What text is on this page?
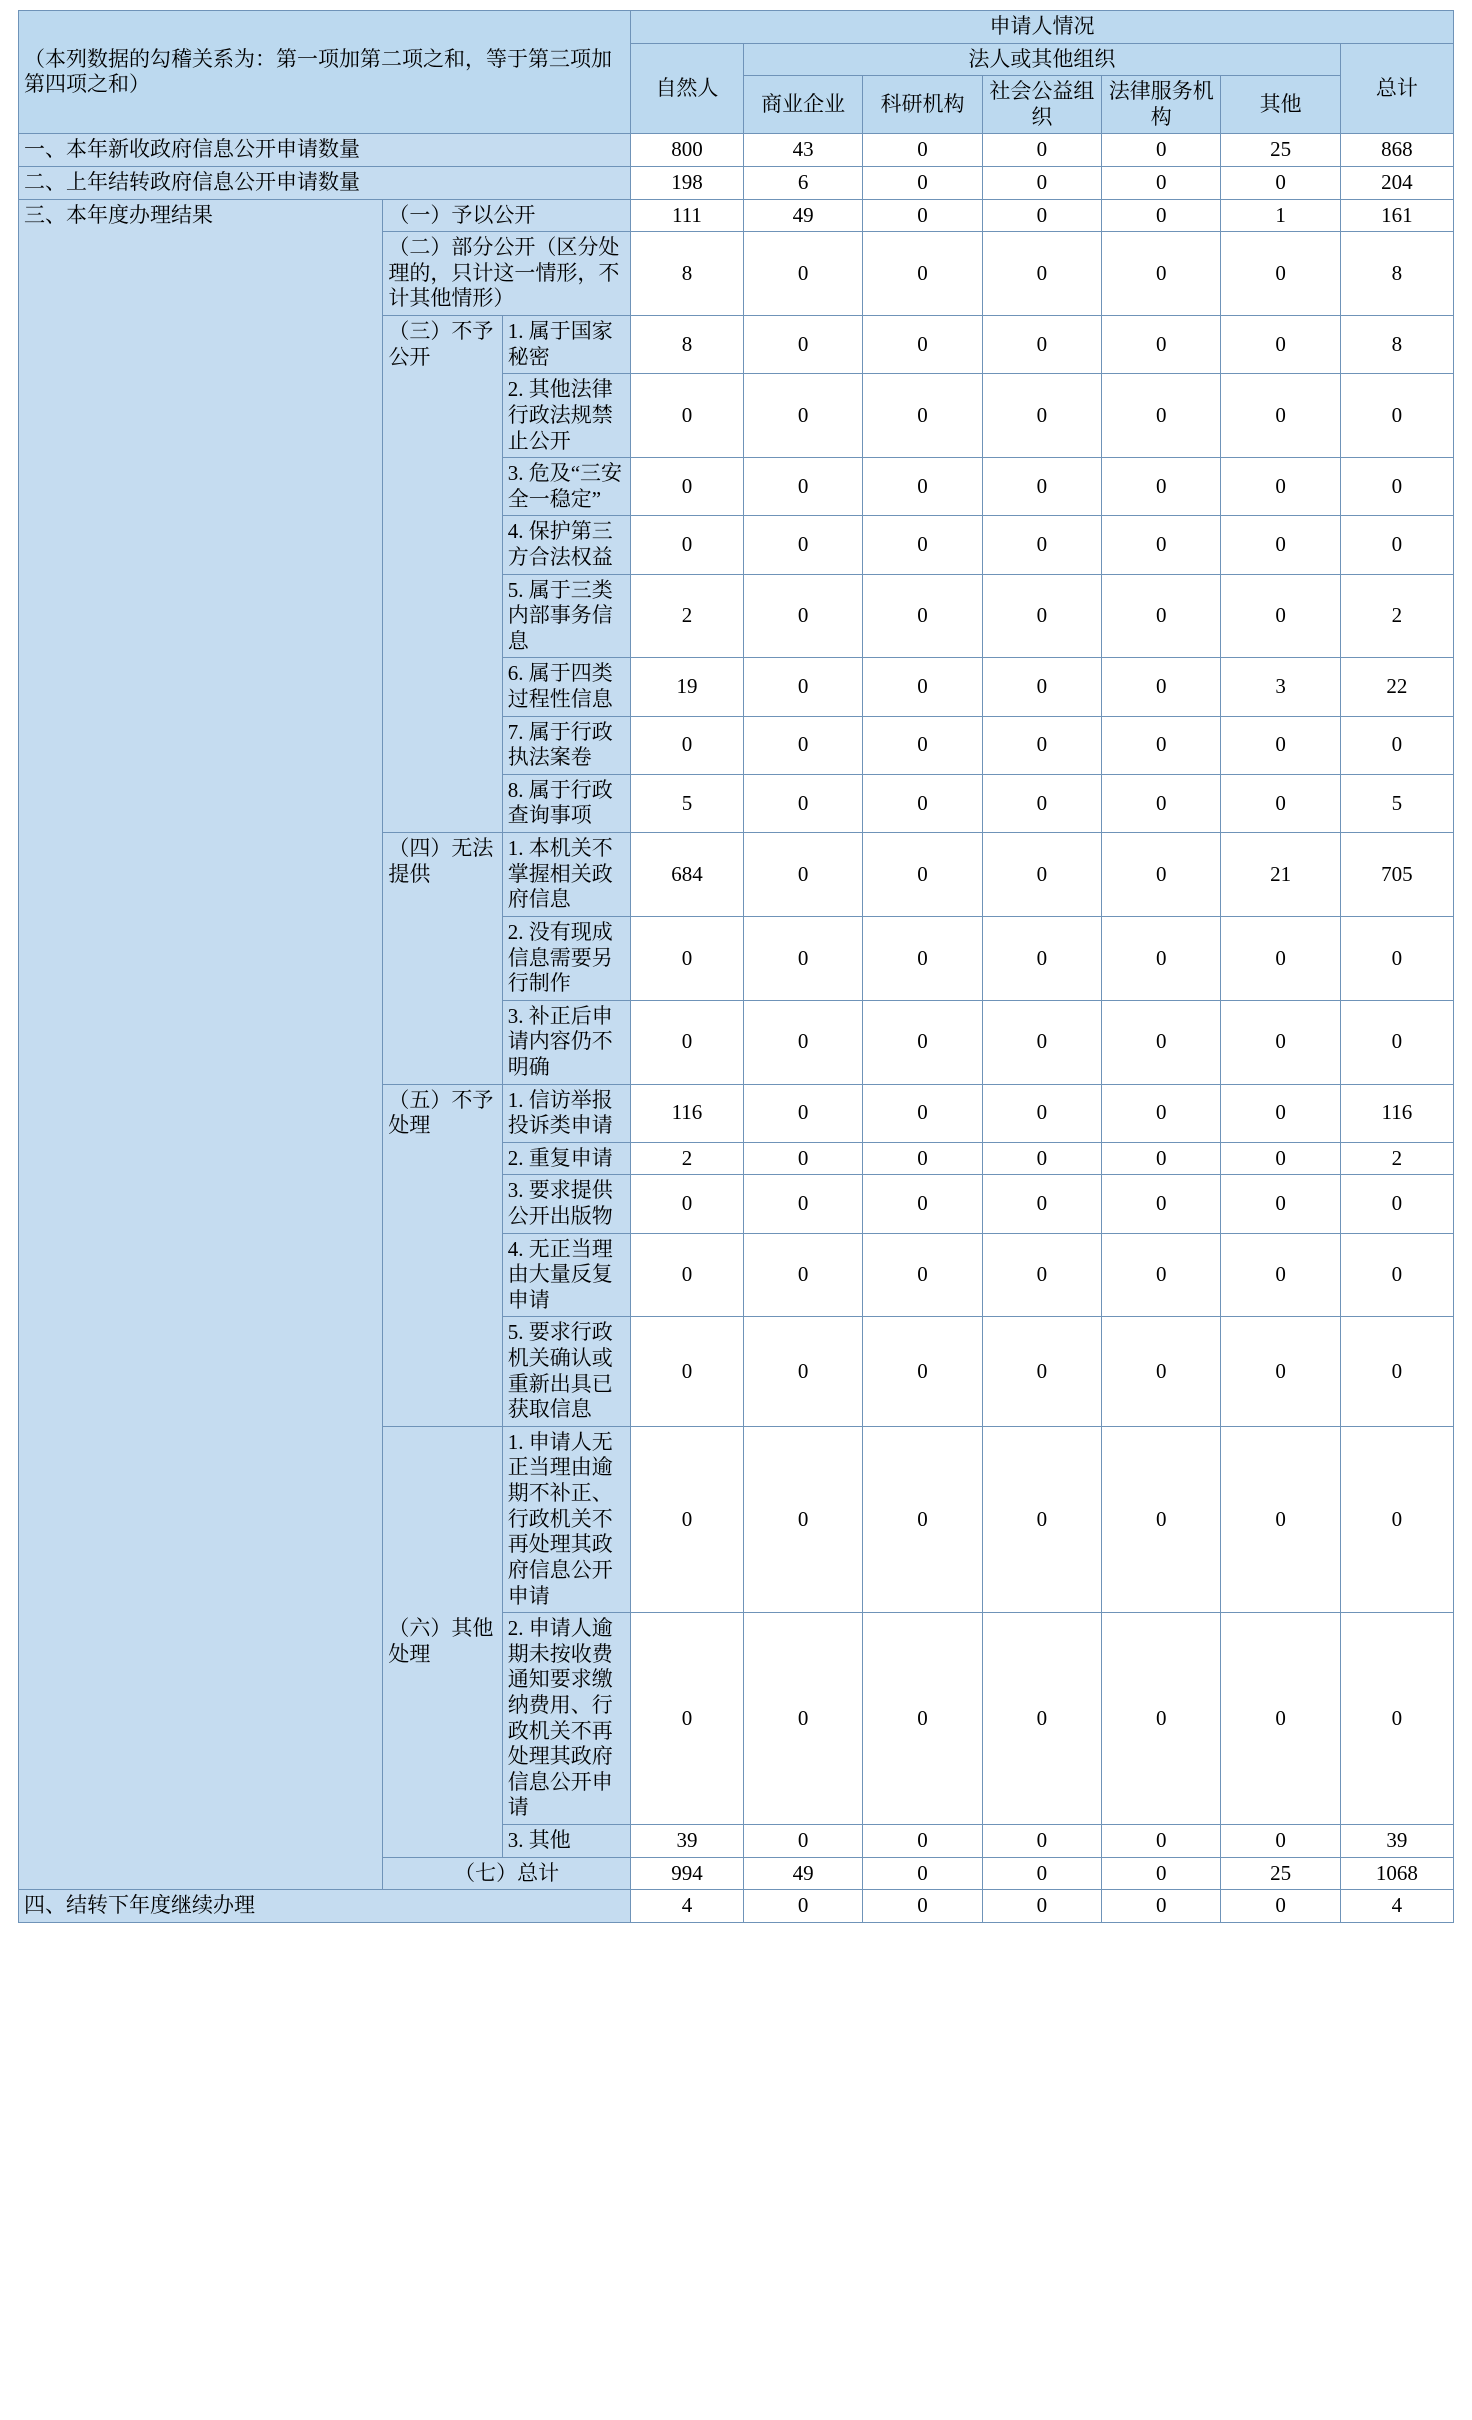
（本列数据的勾稽关系为：第一项加第二项之和，等于第三项加第四项之和）			申请人情况						
			自然人	法人或其他组织					总计
				商业企业	科研机构	社会公益组织	法律服务机构	其他	
一、本年新收政府信息公开申请数量			800	43	0	0	0	25	868
二、上年结转政府信息公开申请数量			198	6	0	0	0	0	204
三、本年度办理结果	（一）予以公开		111	49	0	0	0	1	161
	（二）部分公开（区分处理的，只计这一情形，不计其他情形）		8	0	0	0	0	0	8
	（三）不予公开	1. 属于国家秘密	8	0	0	0	0	0	8
		2. 其他法律行政法规禁止公开	0	0	0	0	0	0	0
		3. 危及“三安全一稳定”	0	0	0	0	0	0	0
		4. 保护第三方合法权益	0	0	0	0	0	0	0
		5. 属于三类内部事务信息	2	0	0	0	0	0	2
		6. 属于四类过程性信息	19	0	0	0	0	3	22
		7. 属于行政执法案卷	0	0	0	0	0	0	0
		8. 属于行政查询事项	5	0	0	0	0	0	5
	（四）无法提供	1. 本机关不掌握相关政府信息	684	0	0	0	0	21	705
		2. 没有现成信息需要另行制作	0	0	0	0	0	0	0
		3. 补正后申请内容仍不明确	0	0	0	0	0	0	0
	（五）不予处理	1. 信访举报投诉类申请	116	0	0	0	0	0	116
		2. 重复申请	2	0	0	0	0	0	2
		3. 要求提供公开出版物	0	0	0	0	0	0	0
		4. 无正当理由大量反复申请	0	0	0	0	0	0	0
		5. 要求行政机关确认或重新出具已获取信息	0	0	0	0	0	0	0
	（六）其他处理	1. 申请人无正当理由逾期不补正、行政机关不再处理其政府信息公开申请	0	0	0	0	0	0	0
		2. 申请人逾期未按收费通知要求缴纳费用、行政机关不再处理其政府信息公开申请	0	0	0	0	0	0	0
		3. 其他	39	0	0	0	0	0	39
	（七）总计		994	49	0	0	0	25	1068
四、结转下年度继续办理			4	0	0	0	0	0	4
